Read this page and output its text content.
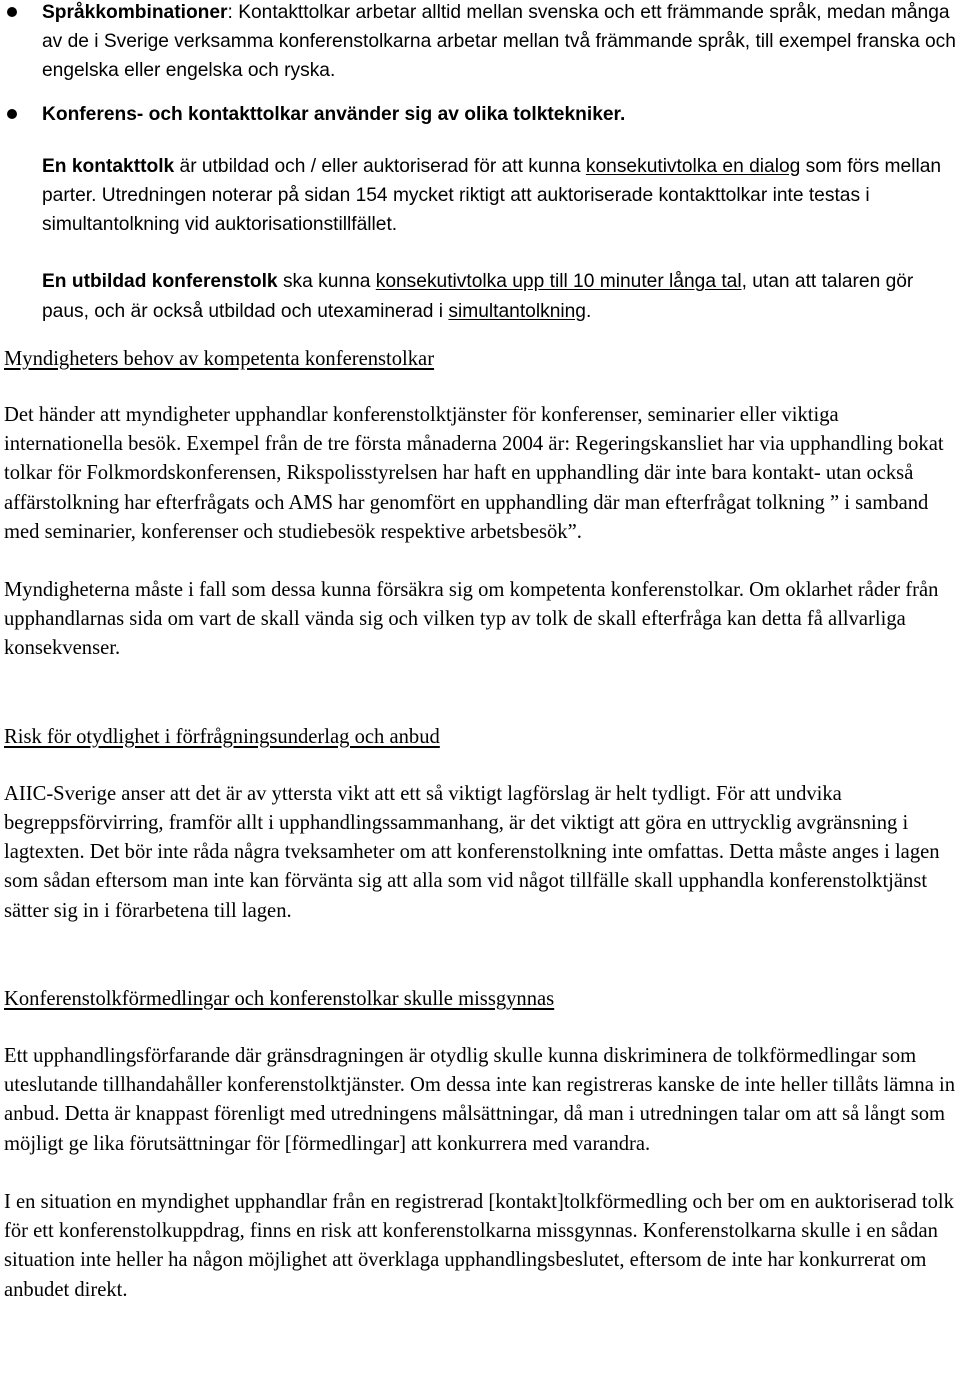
Språkkombinationer: Kontakttolkar arbetar alltid mellan svenska och ett främmande språk, medan många av de i Sverige verksamma konferenstolkarna arbetar mellan två främmande språk, till exempel franska och engelska eller engelska och ryska.
Konferens- och kontakttolkar använder sig av olika tolktekniker.

En kontakttolk är utbildad och / eller auktoriserad för att kunna konsekutivtolka en dialog som förs mellan parter. Utredningen noterar på sidan 154 mycket riktigt att auktoriserade kontakttolkar inte testas i simultantolkning vid auktorisationstillfället.

En utbildad konferenstolk ska kunna konsekutivtolka upp till 10 minuter långa tal, utan att talaren gör paus, och är också utbildad och utexaminerad i simultantolkning.

Myndigheters behov av kompetenta konferenstolkar

Det händer att myndigheter upphandlar konferenstolktjänster för konferenser, seminarier eller viktiga internationella besök. Exempel från de tre första månaderna 2004 är: Regeringskansliet har via upphandling bokat tolkar för Folkmordskonferensen, Rikspolisstyrelsen har haft en upphandling där inte bara kontakt- utan också affärstolkning har efterfrågats och AMS har genomfört en upphandling där man efterfrågat tolkning ” i samband med seminarier, konferenser och studiebesök respektive arbetsbesök”.

Myndigheterna måste i fall som dessa kunna försäkra sig om kompetenta konferenstolkar. Om oklarhet råder från upphandlarnas sida om vart de skall vända sig och vilken typ av tolk de skall efterfråga kan detta få allvarliga konsekvenser.

Risk för otydlighet i förfrågningsunderlag och anbud

AIIC-Sverige anser att det är av yttersta vikt att ett så viktigt lagförslag är helt tydligt. För att undvika begreppsförvirring, framför allt i upphandlingssammanhang, är det viktigt att göra en uttrycklig avgränsning i lagtexten. Det bör inte råda några tveksamheter om att konferenstolkning inte omfattas. Detta måste anges i lagen som sådan eftersom man inte kan förvänta sig att alla som vid något tillfälle skall upphandla konferenstolktjänst sätter sig in i förarbetena till lagen.

Konferenstolkförmedlingar och konferenstolkar skulle missgynnas

Ett upphandlingsförfarande där gränsdragningen är otydlig skulle kunna diskriminera de tolkförmedlingar som uteslutande tillhandahåller konferenstolktjänster. Om dessa inte kan registreras kanske de inte heller tillåts lämna in anbud. Detta är knappast förenligt med utredningens målsättningar, då man i utredningen talar om att så långt som möjligt ge lika förutsättningar för [förmedlingar] att konkurrera med varandra.

I en situation en myndighet upphandlar från en registrerad [kontakt]tolkförmedling och ber om en auktoriserad tolk för ett konferenstolkuppdrag, finns en risk att konferenstolkarna missgynnas. Konferenstolkarna skulle i en sådan situation inte heller ha någon möjlighet att överklaga upphandlingsbeslutet, eftersom de inte har konkurrerat om anbudet direkt.
